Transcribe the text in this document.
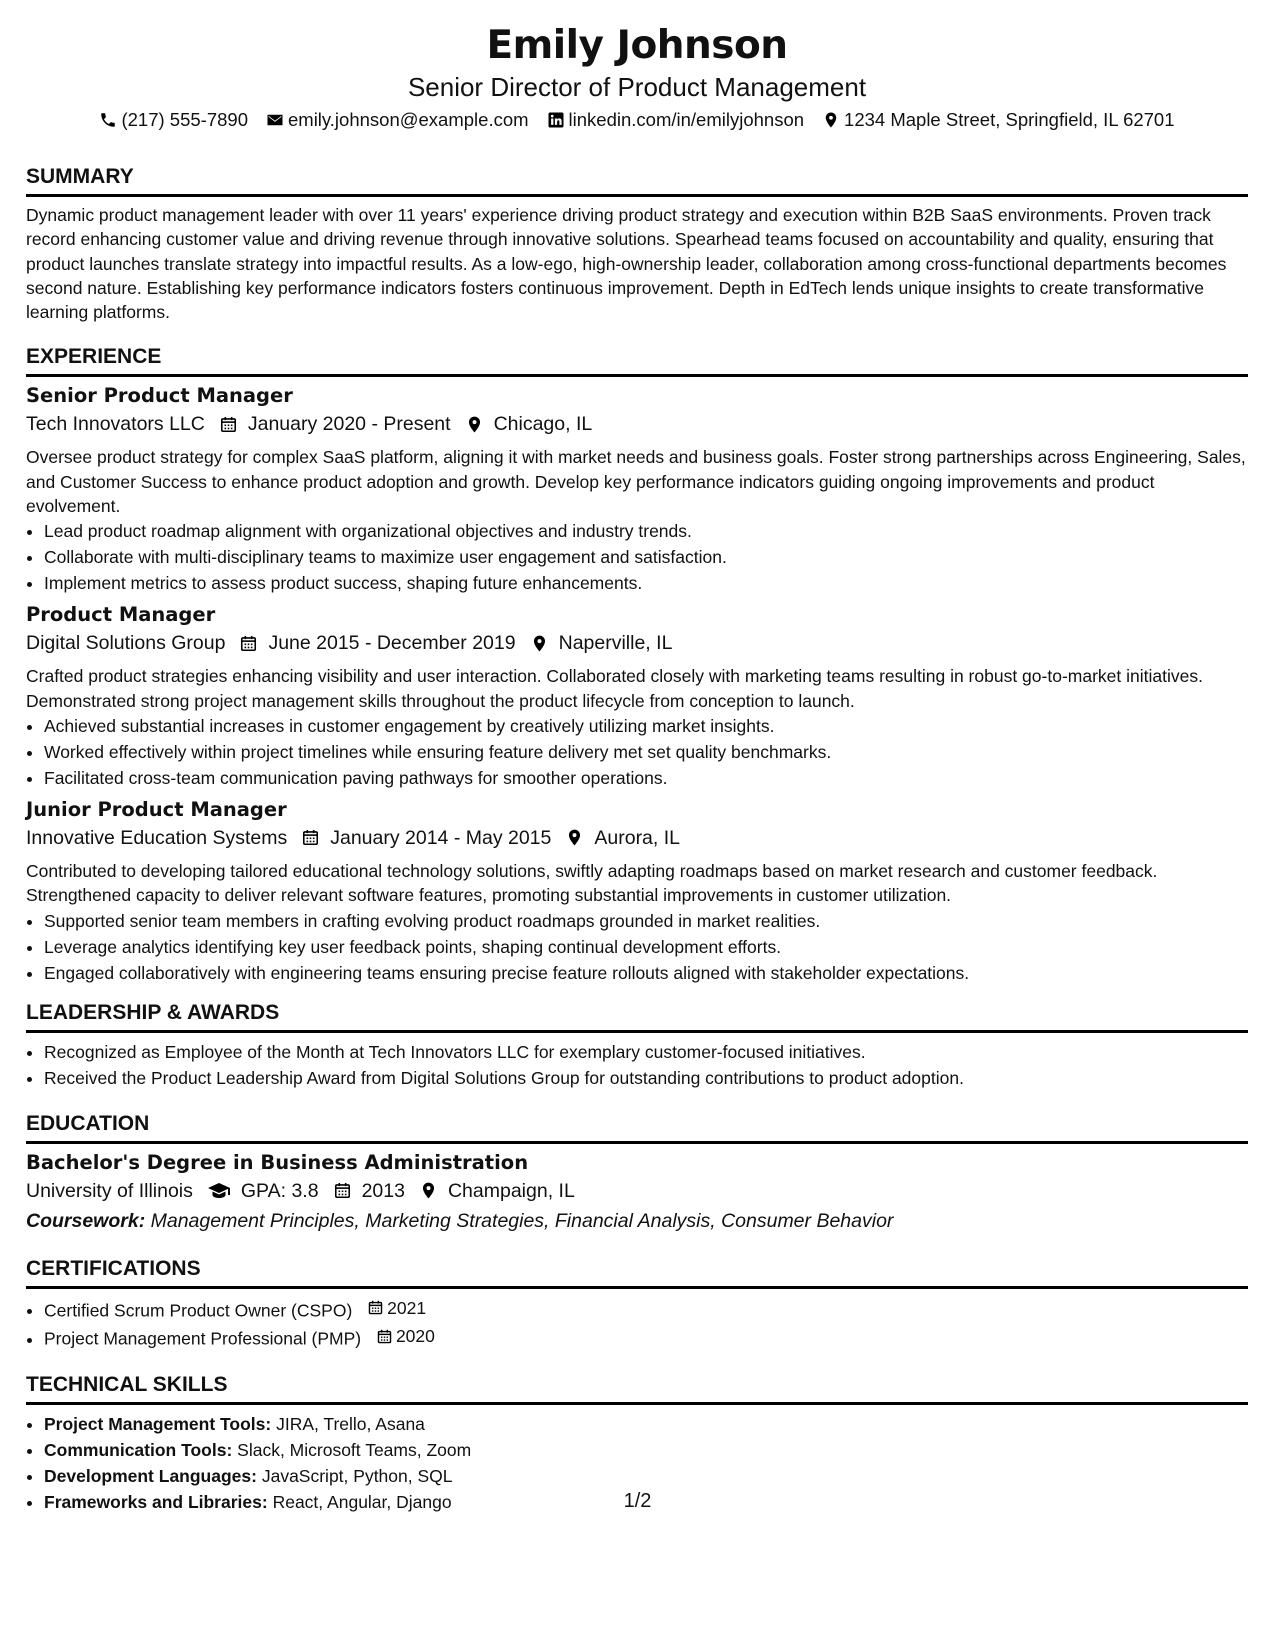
Emily Johnson
Senior Director of Product Management
(217) 555-7890 emily.johnson@example.com linkedin.com/in/emilyjohnson 1234 Maple Street, Springfield, IL 62701
SUMMARY

Dynamic product management leader with over 11 years' experience driving product strategy and execution within B2B SaaS environments. Proven track record enhancing customer value and driving revenue through innovative solutions. Spearhead teams focused on accountability and quality, ensuring that product launches translate strategy into impactful results. As a low-ego, high-ownership leader, collaboration among cross-functional departments becomes second nature. Establishing key performance indicators fosters continuous improvement. Depth in EdTech lends unique insights to create transformative learning platforms.

EXPERIENCE
Senior Product Manager
Tech Innovators LLC January 2020 - Present Chicago, IL

Oversee product strategy for complex SaaS platform, aligning it with market needs and business goals. Foster strong partnerships across Engineering, Sales, and Customer Success to enhance product adoption and growth. Develop key performance indicators guiding ongoing improvements and product evolvement.

• Lead product roadmap alignment with organizational objectives and industry trends.
• Collaborate with multi-disciplinary teams to maximize user engagement and satisfaction.
• Implement metrics to assess product success, shaping future enhancements.
Product Manager
Digital Solutions Group June 2015 - December 2019 Naperville, IL

Crafted product strategies enhancing visibility and user interaction. Collaborated closely with marketing teams resulting in robust go-to-market initiatives. Demonstrated strong project management skills throughout the product lifecycle from conception to launch.

• Achieved substantial increases in customer engagement by creatively utilizing market insights.
• Worked effectively within project timelines while ensuring feature delivery met set quality benchmarks.
• Facilitated cross-team communication paving pathways for smoother operations.
Junior Product Manager
Innovative Education Systems January 2014 - May 2015 Aurora, IL

Contributed to developing tailored educational technology solutions, swiftly adapting roadmaps based on market research and customer feedback. Strengthened capacity to deliver relevant software features, promoting substantial improvements in customer utilization.

• Supported senior team members in crafting evolving product roadmaps grounded in market realities.
• Leverage analytics identifying key user feedback points, shaping continual development efforts.
• Engaged collaboratively with engineering teams ensuring precise feature rollouts aligned with stakeholder expectations.
LEADERSHIP & AWARDS
• Recognized as Employee of the Month at Tech Innovators LLC for exemplary customer-focused initiatives.
• Received the Product Leadership Award from Digital Solutions Group for outstanding contributions to product adoption.
EDUCATION
Bachelor's Degree in Business Administration
University of Illinois GPA: 3.8 2013 Champaign, IL
Coursework: Management Principles, Marketing Strategies, Financial Analysis, Consumer Behavior
CERTIFICATIONS
• Certified Scrum Product Owner (CSPO) 2021
• Project Management Professional (PMP) 2020
TECHNICAL SKILLS
• Project Management Tools: JIRA, Trello, Asana
• Communication Tools: Slack, Microsoft Teams, Zoom
• Development Languages: JavaScript, Python, SQL
• Frameworks and Libraries: React, Angular, Django	1/2
